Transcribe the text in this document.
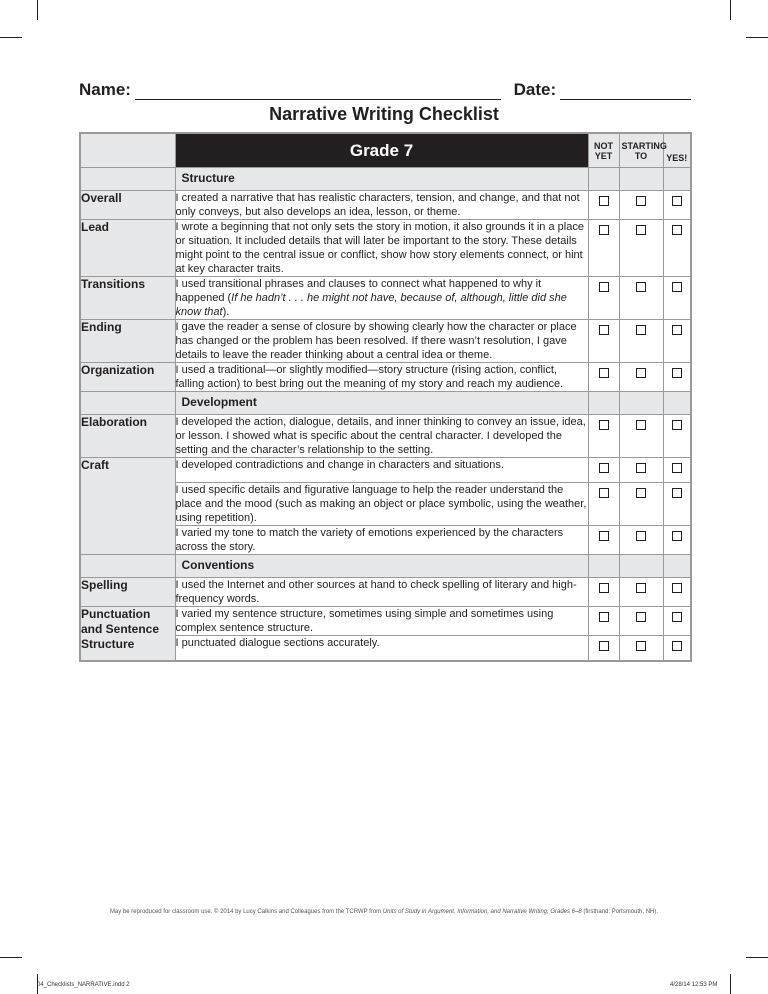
Name:	Date:
Narrative Writing Checklist
	Grade 7	NOT YET	STARTING TO	YES!
	Structure			
Overall	I created a narrative that has realistic characters, tension, and change, and that not only conveys, but also develops an idea, lesson, or theme.			
Lead	I wrote a beginning that not only sets the story in motion, it also grounds it in a place or situation. It included details that will later be important to the story. These details might point to the central issue or conflict, show how story elements connect, or hint at key character traits.			
Transitions	I used transitional phrases and clauses to connect what happened to why it happened (If he hadn’t . . . he might not have, because of, although, little did she know that).			
Ending	I gave the reader a sense of closure by showing clearly how the character or place has changed or the problem has been resolved. If there wasn’t resolution, I gave details to leave the reader thinking about a central idea or theme.			
Organization	I used a traditional—or slightly modified—story structure (rising action, conflict, falling action) to best bring out the meaning of my story and reach my audience.			
	Development			
Elaboration	I developed the action, dialogue, details, and inner thinking to convey an issue, idea, or lesson. I showed what is specific about the central character. I developed the setting and the character’s relationship to the setting.			
Craft	I developed contradictions and change in characters and situations.			
	I used specific details and figurative language to help the reader understand the place and the mood (such as making an object or place symbolic, using the weather, using repetition).			
	I varied my tone to match the variety of emotions experienced by the characters across the story.			
	Conventions			
Spelling	I used the Internet and other sources at hand to check spelling of literary and high-frequency words.			
Punctuation and Sentence Structure	I varied my sentence structure, sometimes using simple and sometimes using complex sentence structure.			
	I punctuated dialogue sections accurately.			
May be reproduced for classroom use. © 2014 by Lucy Calkins and Colleagues from the TCRWP from Units of Study in Argument, Information, and Narrative Writing, Grades 6–8 (firsthand: Portsmouth, NH).
04_Checklists_NARRATIVE.indd 2	4/28/14 12:53 PM
